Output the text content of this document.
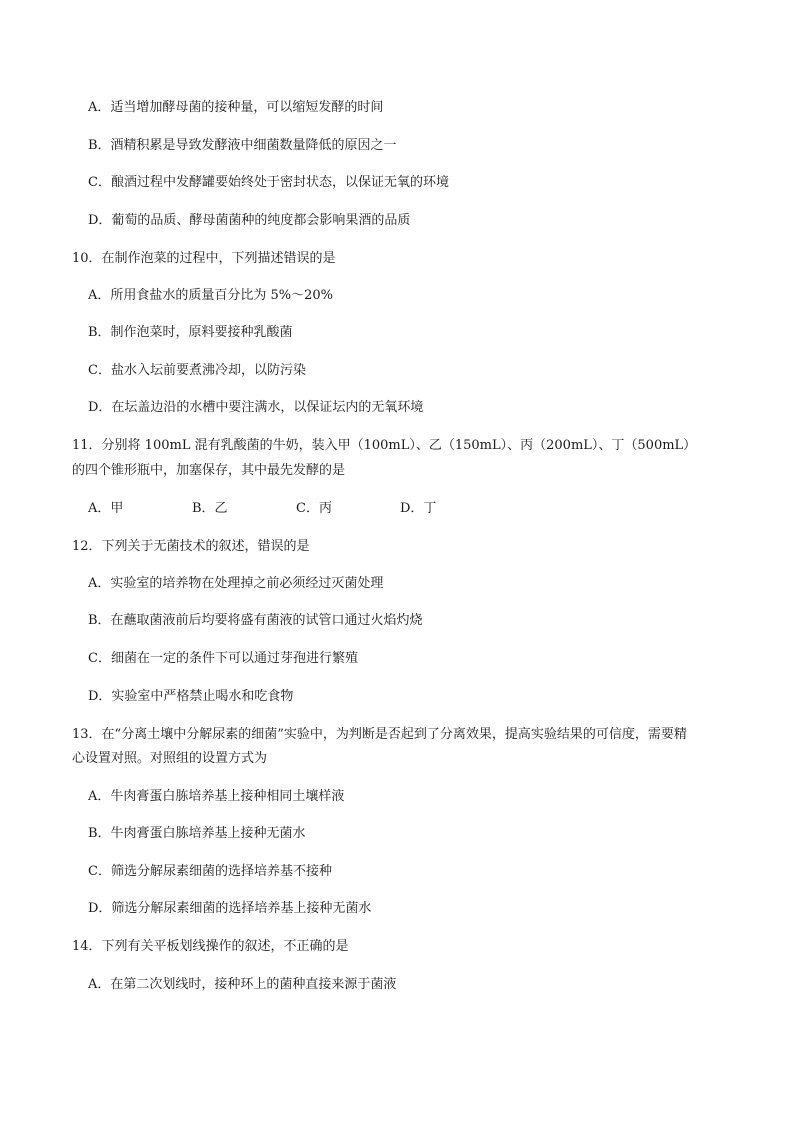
A．适当增加酵母菌的接种量，可以缩短发酵的时间
B．酒精积累是导致发酵液中细菌数量降低的原因之一
C．酿酒过程中发酵罐要始终处于密封状态，以保证无氧的环境
D．葡萄的品质、酵母菌菌种的纯度都会影响果酒的品质
10．在制作泡菜的过程中，下列描述错误的是
A．所用食盐水的质量百分比为 5%～20%
B．制作泡菜时，原料要接种乳酸菌
C．盐水入坛前要煮沸冷却，以防污染
D．在坛盖边沿的水槽中要注满水，以保证坛内的无氧环境
11．分别将 100mL 混有乳酸菌的牛奶，装入甲（100mL）、乙（150mL）、丙（200mL）、丁（500mL）
的四个锥形瓶中，加塞保存，其中最先发酵的是
A．甲	B．乙	C．丙	D．丁
12．下列关于无菌技术的叙述，错误的是
A．实验室的培养物在处理掉之前必须经过灭菌处理
B．在蘸取菌液前后均要将盛有菌液的试管口通过火焰灼烧
C．细菌在一定的条件下可以通过芽孢进行繁殖
D．实验室中严格禁止喝水和吃食物
13．在“分离土壤中分解尿素的细菌”实验中，为判断是否起到了分离效果，提高实验结果的可信度，需要精
心设置对照。对照组的设置方式为
A．牛肉膏蛋白胨培养基上接种相同土壤样液
B．牛肉膏蛋白胨培养基上接种无菌水
C．筛选分解尿素细菌的选择培养基不接种
D．筛选分解尿素细菌的选择培养基上接种无菌水
14．下列有关平板划线操作的叙述，不正确的是
A．在第二次划线时，接种环上的菌种直接来源于菌液
